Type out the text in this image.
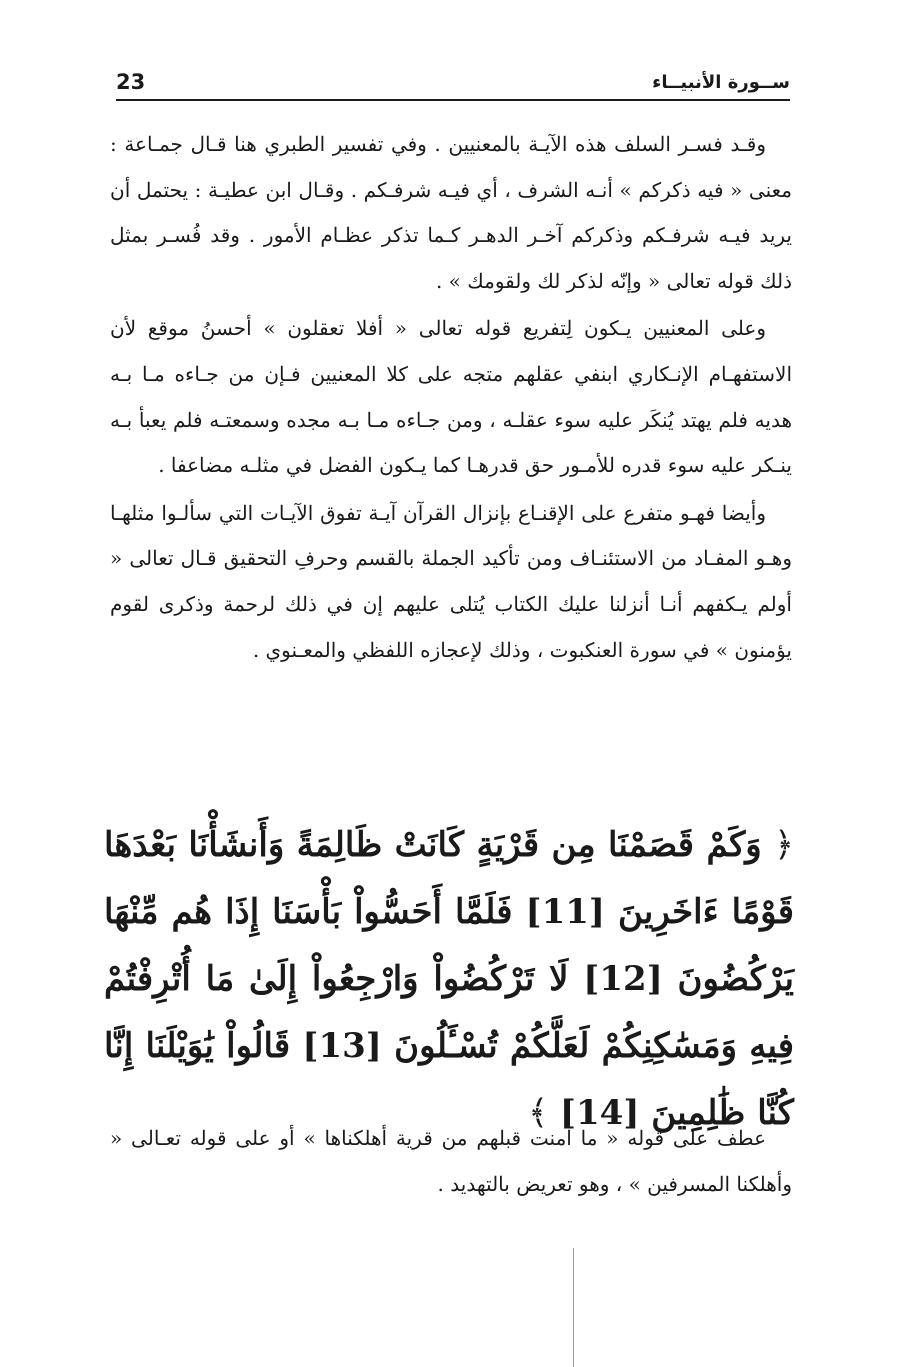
23	ســورة الأنبيــاء

وقـد فسـر السلف هذه الآيـة بالمعنيين . وفي تفسير الطبري هنا قـال جمـاعة : معنى « فيه ذكركم » أنـه الشرف ، أي فيـه شرفـكم . وقـال ابن عطيـة : يحتمل أن يريد فيـه شرفـكم وذكركم آخـر الدهـر كـما تذكر عظـام الأمور . وقد فُسـر بمثل ذلك قوله تعالى « وإنّه لذكر لك ولقومك » .

وعلى المعنيين يـكون لِتفريع قوله تعالى « أفلا تعقلون » أحسنُ موقع لأن الاستفهـام الإنـكاري ابنفي عقلهم متجه على كلا المعنيين فـإن من جـاءه مـا بـه هديه فلم يهتد يُنكَر عليه سوء عقلـه ، ومن جـاءه مـا بـه مجده وسمعتـه فلم يعبأ بـه ينـكر عليه سوء قدره للأمـور حق قدرهـا كما يـكون الفضل في مثلـه مضاعفا .

وأيضا فهـو متفرع على الإقنـاع بإنزال القرآن آيـة تفوق الآيـات التي سألـوا مثلهـا وهـو المفـاد من الاستئنـاف ومن تأكيد الجملة بالقسم وحرفِ التحقيق قـال تعالى « أولم يـكفهم أنـا أنزلنا عليك الكتاب يُتلى عليهم إن في ذلك لرحمة وذكرى لقوم يؤمنون » في سورة العنكبوت ، وذلك لإعجازه اللفظي والمعـنوي .

﴿ وَكَمْ قَصَمْنَا مِن قَرْيَةٍ كَانَتْ ظَالِمَةً وَأَنشَأْنَا بَعْدَهَا قَوْمًا ءَاخَرِينَ [11] فَلَمَّا أَحَسُّواْ بَأْسَنَا إِذَا هُم مِّنْهَا يَرْكُضُونَ [12] لَا تَرْكُضُواْ وَارْجِعُواْ إِلَىٰ مَا أُتْرِفْتُمْ فِيهِ وَمَسَٰكِنِكُمْ لَعَلَّكُمْ تُسْـَٔلُونَ [13] قَالُواْ يَٰوَيْلَنَا إِنَّا كُنَّا ظَٰلِمِينَ [14] ﴾

عطف على قوله « ما آمنت قبلهم من قرية أهلكناها » أو على قوله تعـالى « وأهلكنا المسرفين » ، وهو تعريض بالتهديد .
